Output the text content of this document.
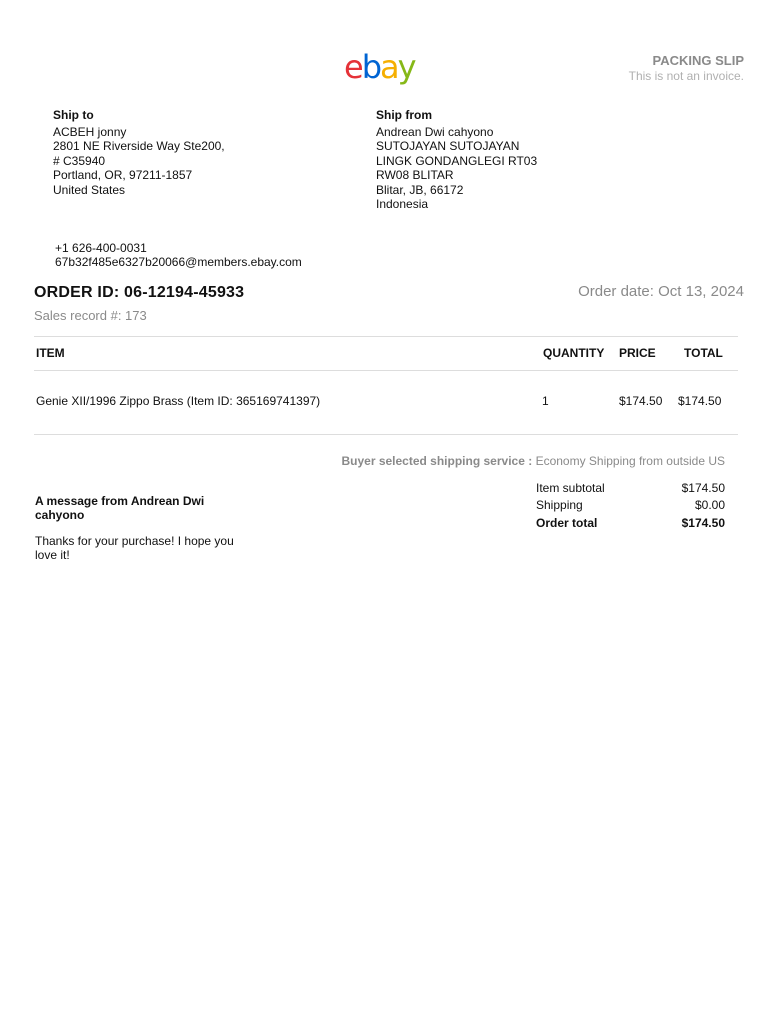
ebay	PACKING SLIP
This is not an invoice.
Ship to
ACBEH jonny
2801 NE Riverside Way Ste200,
# C35940
Portland, OR, 97211-1857
United States
Ship from
Andrean Dwi cahyono
SUTOJAYAN SUTOJAYAN
LINGK GONDANGLEGI RT03
RW08 BLITAR
Blitar, JB, 66172
Indonesia
+1 626-400-0031
67b32f485e6327b20066@members.ebay.com
ORDER ID: 06-12194-45933	Order date: Oct 13, 2024
Sales record #: 173
ITEM	QUANTITY PRICE TOTAL
Genie XII/1996 Zippo Brass (Item ID: 365169741397)	1	$174.50 $174.50
Buyer selected shipping service : Economy Shipping from outside US
Item subtotal	$174.50
Shipping	$0.00
Order total	$174.50
A message from Andrean Dwi cahyono
Thanks for your purchase! I hope you love it!
